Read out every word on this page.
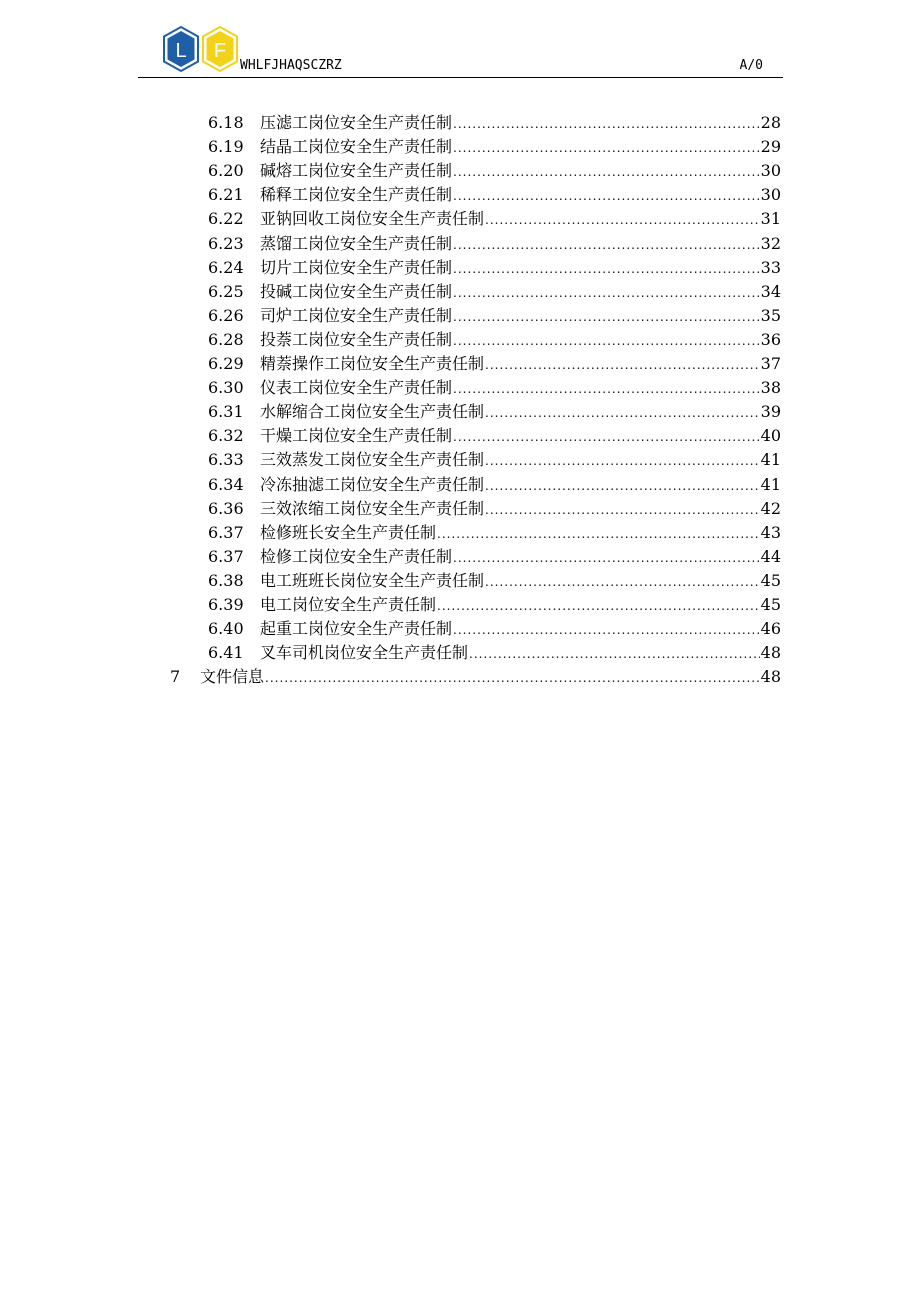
L F
WHLFJHAQSCZRZ	A/0
6.18	压滤工岗位安全生产责任制 .....	28
6.19	结晶工岗位安全生产责任制 .....	29
6.20	碱熔工岗位安全生产责任制 .....	30
6.21	稀释工岗位安全生产责任制 .....	30
6.22	亚钠回收工岗位安全生产责任制 .....	31
6.23	蒸馏工岗位安全生产责任制 .....	32
6.24	切片工岗位安全生产责任制 .....	33
6.25	投碱工岗位安全生产责任制 .....	34
6.26	司炉工岗位安全生产责任制 .....	35
6.28	投萘工岗位安全生产责任制 .....	36
6.29	精萘操作工岗位安全生产责任制 .....	37
6.30	仪表工岗位安全生产责任制 .....	38
6.31	水解缩合工岗位安全生产责任制 .....	39
6.32	干燥工岗位安全生产责任制 .....	40
6.33	三效蒸发工岗位安全生产责任制 .....	41
6.34	冷冻抽滤工岗位安全生产责任制 .....	41
6.36	三效浓缩工岗位安全生产责任制 .....	42
6.37	检修班长安全生产责任制 .....	43
6.37	检修工岗位安全生产责任制 .....	44
6.38	电工班班长岗位安全生产责任制 .....	45
6.39	电工岗位安全生产责任制 .....	45
6.40	起重工岗位安全生产责任制 .....	46
6.41	叉车司机岗位安全生产责任制 .....	48
7	文件信息 .....	48
